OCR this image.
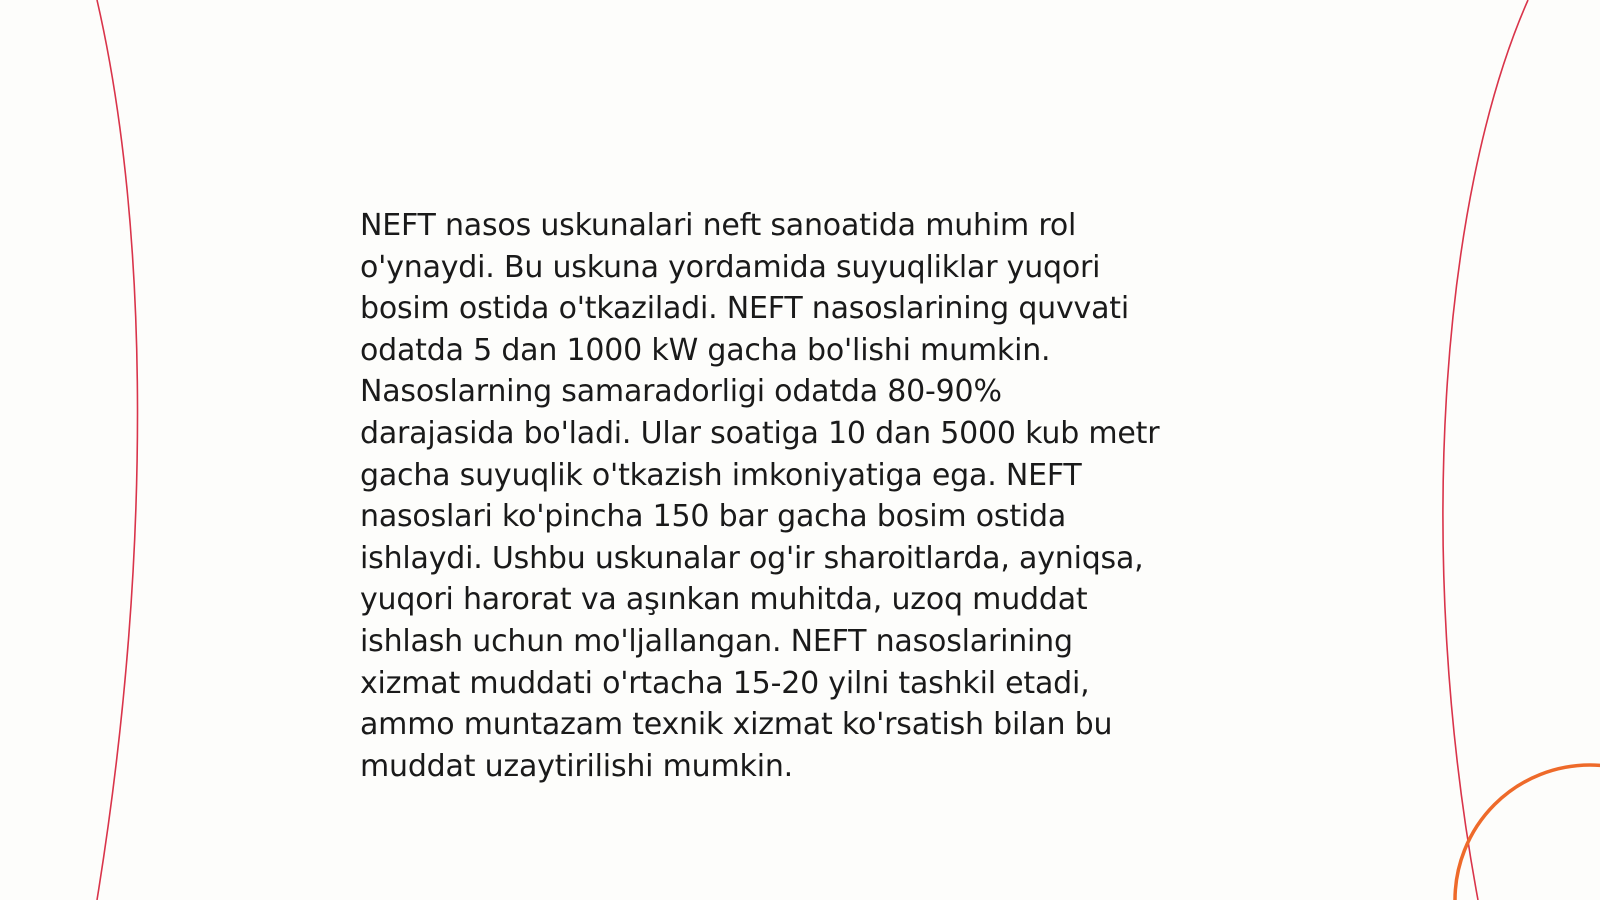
NEFT nasos uskunalari neft sanoatida muhim rol
o'ynaydi. Bu uskuna yordamida suyuqliklar yuqori
bosim ostida o'tkaziladi. NEFT nasoslarining quvvati
odatda 5 dan 1000 kW gacha bo'lishi mumkin.
Nasoslarning samaradorligi odatda 80-90%
darajasida bo'ladi. Ular soatiga 10 dan 5000 kub metr
gacha suyuqlik o'tkazish imkoniyatiga ega. NEFT
nasoslari ko'pincha 150 bar gacha bosim ostida
ishlaydi. Ushbu uskunalar og'ir sharoitlarda, ayniqsa,
yuqori harorat va aşınkan muhitda, uzoq muddat
ishlash uchun mo'ljallangan. NEFT nasoslarining
xizmat muddati o'rtacha 15-20 yilni tashkil etadi,
ammo muntazam texnik xizmat ko'rsatish bilan bu
muddat uzaytirilishi mumkin.
